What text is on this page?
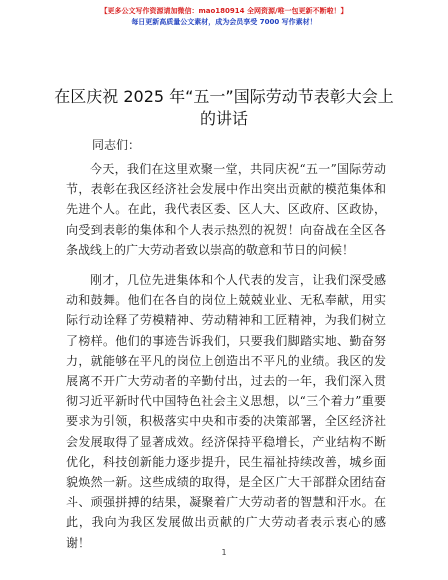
【更多公文写作资源请加微信：mao180914 全网资源/唯一包更新不断啦！】
每日更新高质量公文素材，成为会员享受 7000 写作素材！
在区庆祝 2025 年“五一”国际劳动节表彰大会上的讲话
同志们：

今天，我们在这里欢聚一堂，共同庆祝“五一”国际劳动节，表彰在我区经济社会发展中作出突出贡献的模范集体和先进个人。在此，我代表区委、区人大、区政府、区政协，向受到表彰的集体和个人表示热烈的祝贺！向奋战在全区各条战线上的广大劳动者致以崇高的敬意和节日的问候！

刚才，几位先进集体和个人代表的发言，让我们深受感动和鼓舞。他们在各自的岗位上兢兢业业、无私奉献，用实际行动诠释了劳模精神、劳动精神和工匠精神，为我们树立了榜样。他们的事迹告诉我们，只要我们脚踏实地、勤奋努力，就能够在平凡的岗位上创造出不平凡的业绩。我区的发展离不开广大劳动者的辛勤付出，过去的一年，我们深入贯彻习近平新时代中国特色社会主义思想，以“三个着力”重要要求为引领，积极落实中央和市委的决策部署，全区经济社会发展取得了显著成效。经济保持平稳增长，产业结构不断优化，科技创新能力逐步提升，民生福祉持续改善，城乡面貌焕然一新。这些成绩的取得，是全区广大干部群众团结奋斗、顽强拼搏的结果，凝聚着广大劳动者的智慧和汗水。在此，我向为我区发展做出贡献的广大劳动者表示衷心的感谢！

1
